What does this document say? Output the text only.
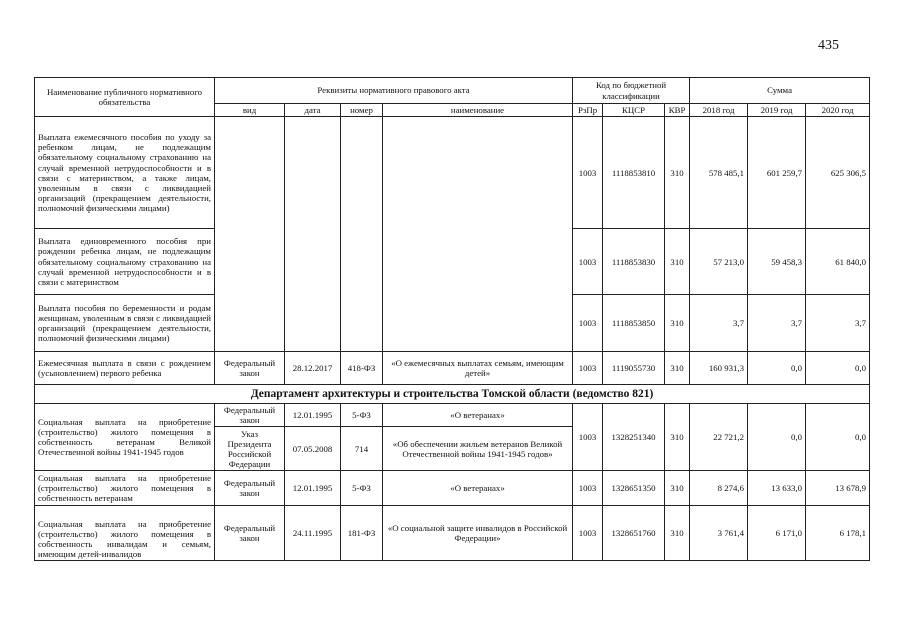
435
Наименование публичного нормативного обязательства	Реквизиты нормативного правового акта				Код по бюджетной классификации			Сумма		
	вид	дата	номер	наименование	РзПр	КЦСР	КВР	2018 год	2019 год	2020 год
Выплата ежемесячного пособия по уходу за ребенком лицам, не подлежащим обязательному социальному страхованию на случай временной нетрудоспособности и в связи с материнством, а также лицам, уволенным в связи с ликвидацией организаций (прекращением деятельности, полномочий физическими лицами)					1003	1118853810	310	578 485,1	601 259,7	625 306,5
Выплата единовременного пособия при рождении ребенка лицам, не подлежащим обязательному социальному страхованию на случай временной нетрудоспособности и в связи с материнством					1003	1118853830	310	57 213,0	59 458,3	61 840,0
Выплата пособия по беременности и родам женщинам, уволенным в связи с ликвидацией организаций (прекращением деятельности, полномочий физическими лицами)					1003	1118853850	310	3,7	3,7	3,7
Ежемесячная выплата в связи с рождением (усыновлением) первого ребенка	Федеральный закон	28.12.2017	418-ФЗ	«О ежемесячных выплатах семьям, имеющим детей»	1003	1119055730	310	160 931,3	0,0	0,0
Департамент архитектуры и строительства Томской области (ведомство 821)										
Социальная выплата на приобретение (строительство) жилого помещения в собственность ветеранам Великой Отечественной войны 1941-1945 годов	Федеральный закон	12.01.1995	5-ФЗ	«О ветеранах»	1003	1328251340	310	22 721,2	0,0	0,0
	Указ Президента Российской Федерации	07.05.2008	714	«Об обеспечении жильем ветеранов Великой Отечественной войны 1941-1945 годов»						
Социальная выплата на приобретение (строительство) жилого помещения в собственность ветеранам	Федеральный закон	12.01.1995	5-ФЗ	«О ветеранах»	1003	1328651350	310	8 274,6	13 633,0	13 678,9
Социальная выплата на приобретение (строительство) жилого помещения в собственность инвалидам и семьям, имеющим детей-инвалидов	Федеральный закон	24.11.1995	181-ФЗ	«О социальной защите инвалидов в Российской Федерации»	1003	1328651760	310	3 761,4	6 171,0	6 178,1
